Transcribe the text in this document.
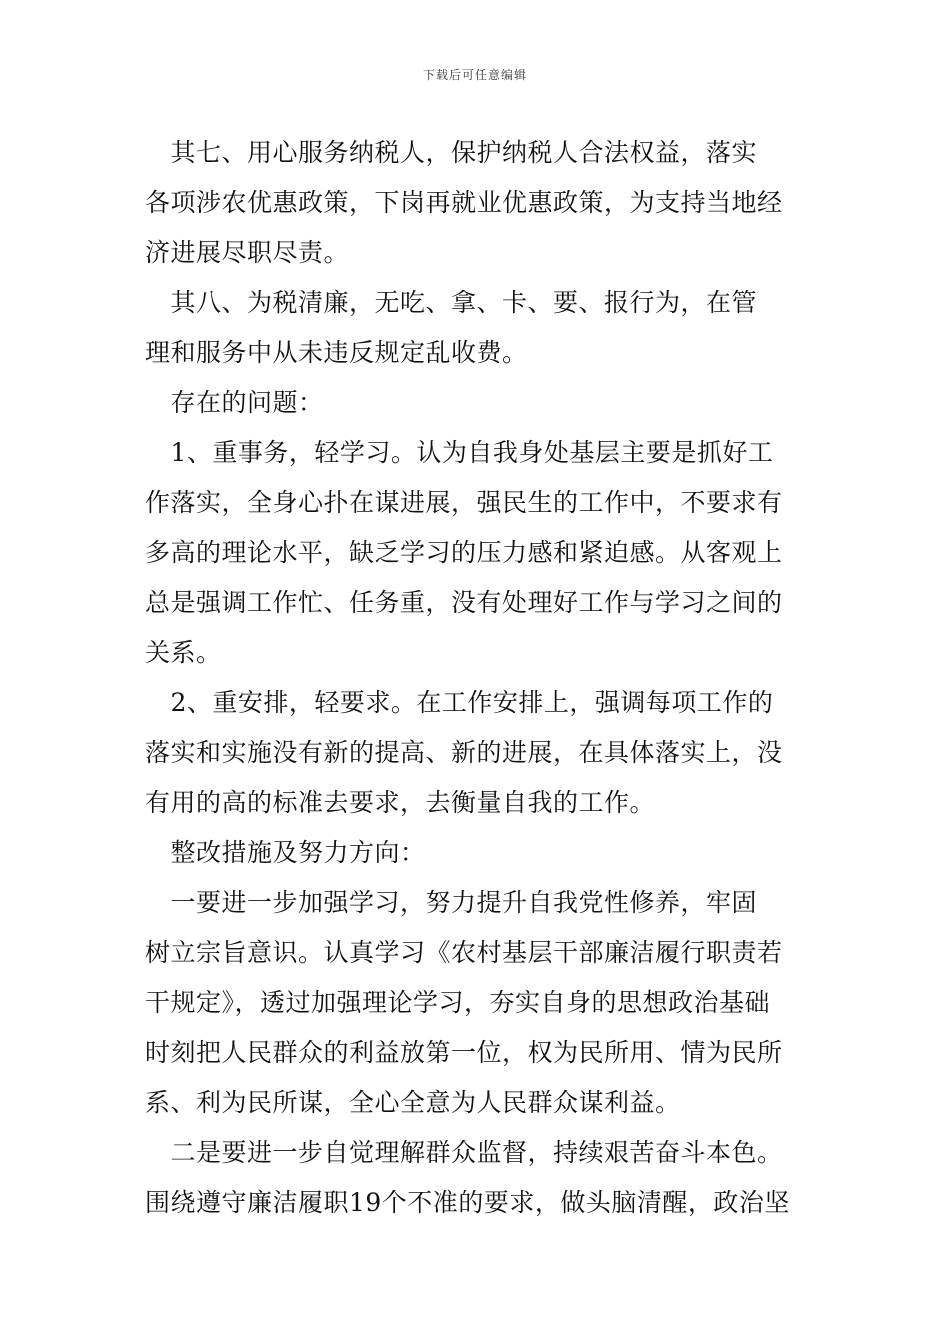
下载后可任意编辑
　其七、用心服务纳税人，保护纳税人合法权益，落实
各项涉农优惠政策，下岗再就业优惠政策，为支持当地经
济进展尽职尽责。
　其八、为税清廉，无吃、拿、卡、要、报行为，在管
理和服务中从未违反规定乱收费。
　存在的问题：
　1、重事务，轻学习。认为自我身处基层主要是抓好工
作落实，全身心扑在谋进展，强民生的工作中，不要求有
多高的理论水平，缺乏学习的压力感和紧迫感。从客观上
总是强调工作忙、任务重，没有处理好工作与学习之间的
关系。
　2、重安排，轻要求。在工作安排上，强调每项工作的
落实和实施没有新的提高、新的进展，在具体落实上，没
有用的高的标准去要求，去衡量自我的工作。
　整改措施及努力方向：
　一要进一步加强学习，努力提升自我党性修养，牢固
树立宗旨意识。认真学习《农村基层干部廉洁履行职责若
干规定》，透过加强理论学习，夯实自身的思想政治基础
时刻把人民群众的利益放第一位，权为民所用、情为民所
系、利为民所谋，全心全意为人民群众谋利益。
　二是要进一步自觉理解群众监督，持续艰苦奋斗本色。
围绕遵守廉洁履职19个不准的要求，做头脑清醒，政治坚
